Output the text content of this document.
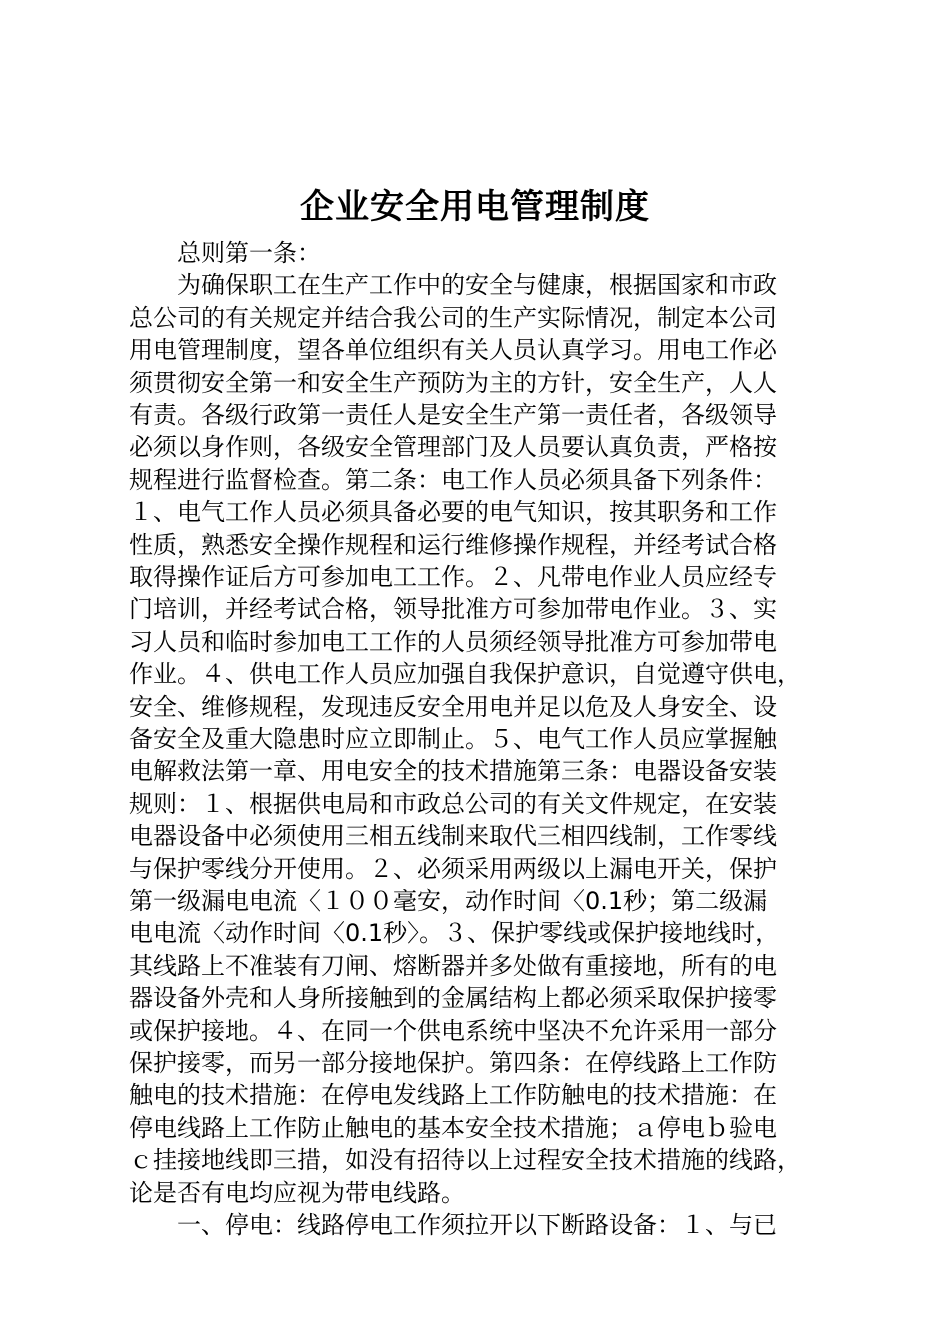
企业安全用电管理制度
总则第一条：
为确保职工在生产工作中的安全与健康，根据国家和市政
总公司的有关规定并结合我公司的生产实际情况，制定本公司
用电管理制度，望各单位组织有关人员认真学习。用电工作必
须贯彻安全第一和安全生产预防为主的方针，安全生产，人人
有责。各级行政第一责任人是安全生产第一责任者，各级领导
必须以身作则，各级安全管理部门及人员要认真负责，严格按
规程进行监督检查。第二条：电工作人员必须具备下列条件：
１、电气工作人员必须具备必要的电气知识，按其职务和工作
性质，熟悉安全操作规程和运行维修操作规程，并经考试合格
取得操作证后方可参加电工工作。２、凡带电作业人员应经专
门培训，并经考试合格，领导批准方可参加带电作业。３、实
习人员和临时参加电工工作的人员须经领导批准方可参加带电
作业。４、供电工作人员应加强自我保护意识，自觉遵守供电，
安全、维修规程，发现违反安全用电并足以危及人身安全、设
备安全及重大隐患时应立即制止。５、电气工作人员应掌握触
电解救法第一章、用电安全的技术措施第三条：电器设备安装
规则：１、根据供电局和市政总公司的有关文件规定，在安装
电器设备中必须使用三相五线制来取代三相四线制，工作零线
与保护零线分开使用。２、必须采用两级以上漏电开关，保护
第一级漏电电流〈１００毫安，动作时间〈0.1秒；第二级漏
电电流〈动作时间〈0.1秒〉。３、保护零线或保护接地线时，
其线路上不准装有刀闸、熔断器并多处做有重接地，所有的电
器设备外壳和人身所接触到的金属结构上都必须采取保护接零
或保护接地。４、在同一个供电系统中坚决不允许采用一部分
保护接零，而另一部分接地保护。第四条：在停线路上工作防
触电的技术措施：在停电发线路上工作防触电的技术措施：在
停电线路上工作防止触电的基本安全技术措施；ａ停电ｂ验电
ｃ挂接地线即三措，如没有招待以上过程安全技术措施的线路，
论是否有电均应视为带电线路。
一、停电：线路停电工作须拉开以下断路设备：１、与已
